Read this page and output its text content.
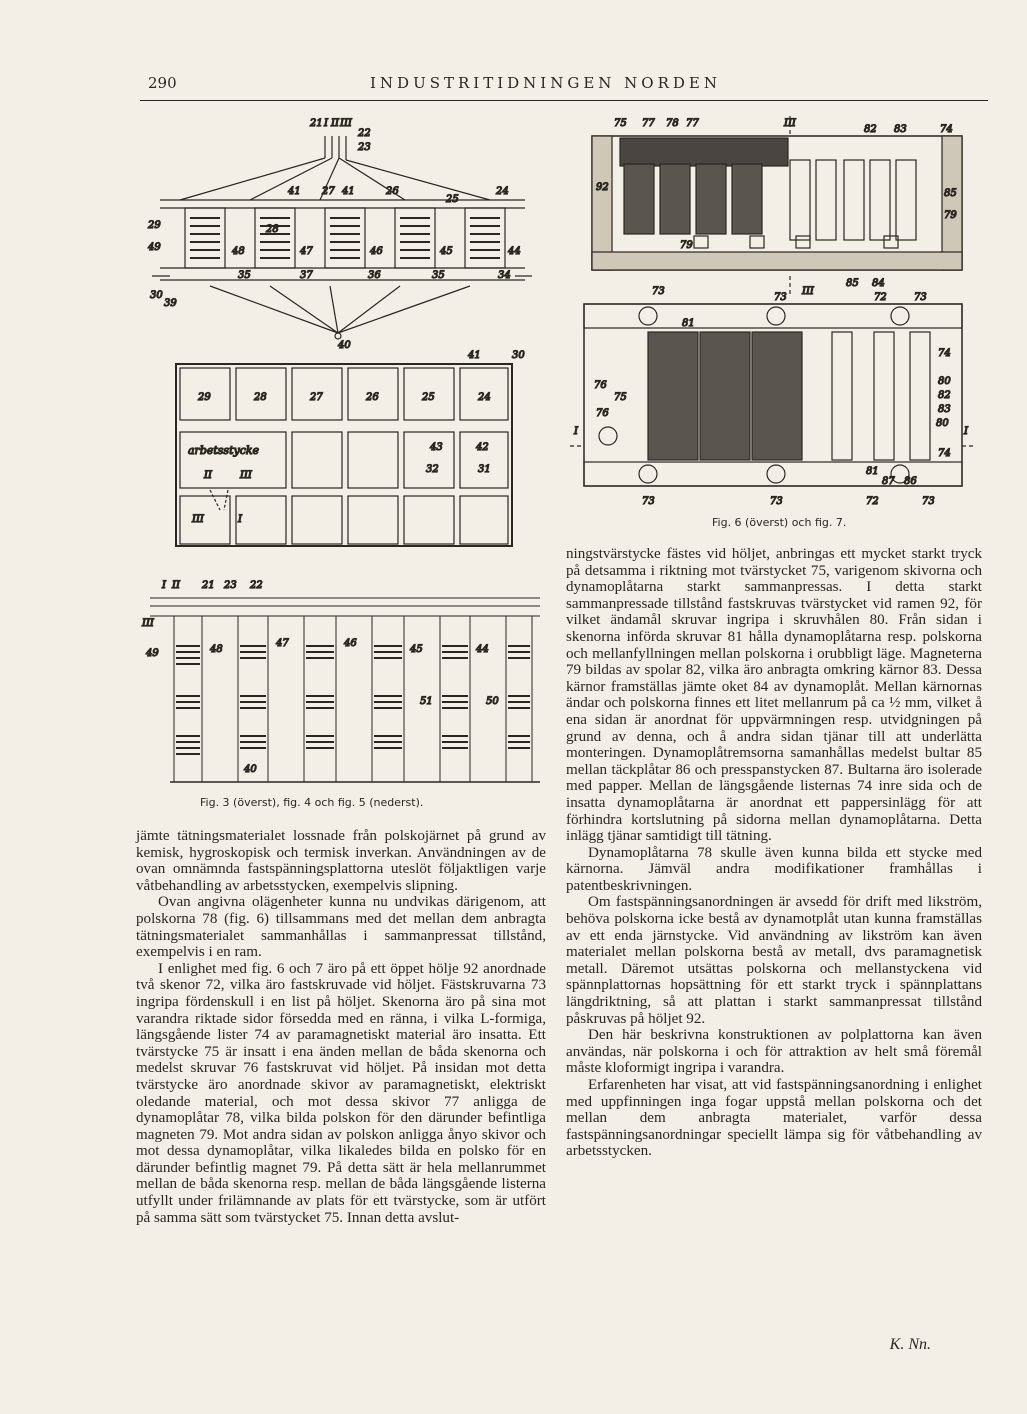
290	INDUSTRITIDNINGEN NORDEN
21 I II III
22
23
41 27 41	26
25
24
29	28
49	48	47	46	45	44
35	37	36	35	34
30
39
40
29	28	27	26	25	24
41	30
43	42
32	31
arbetsstycke
II	III
III	I
I II 21 23 22
III
49	48
47	46
45	44
51	50
40
Fig. 3 (överst), fig. 4 och fig. 5 (nederst).
75 77 78 77	III
82 83	74
92
85
79
79
85 84
III
73
73	72	73
81
74
76
75
76
80
82
83
80
74
I	I
81
87 86
73	73	72	73
Fig. 6 (överst) och fig. 7.

jämte tätningsmaterialet lossnade från polskojärnet på grund av kemisk, hygroskopisk och termisk inverkan. Användningen av de ovan omnämnda fastspänningsplattorna uteslöt följaktligen varje våtbehandling av arbetsstycken, exempelvis slipning.

Ovan angivna olägenheter kunna nu undvikas därigenom, att polskorna 78 (fig. 6) tillsammans med det mellan dem anbragta tätningsmaterialet sammanhållas i sammanpressat tillstånd, exempelvis i en ram.

I enlighet med fig. 6 och 7 äro på ett öppet hölje 92 anordnade två skenor 72, vilka äro fastskruvade vid höljet. Fästskruvarna 73 ingripa fördenskull i en list på höljet. Skenorna äro på sina mot varandra riktade sidor försedda med en ränna, i vilka L-formiga, längsgående lister 74 av paramagnetiskt material äro insatta. Ett tvärstycke 75 är insatt i ena änden mellan de båda skenorna och medelst skruvar 76 fastskruvat vid höljet. På insidan mot detta tvärstycke äro anordnade skivor av paramagnetiskt, elektriskt oledande material, och mot dessa skivor 77 anligga de dynamoplåtar 78, vilka bilda polskon för den därunder befintliga magneten 79. Mot andra sidan av polskon anligga ånyo skivor och mot dessa dynamoplåtar, vilka likaledes bilda en polsko för en därunder befintlig magnet 79. På detta sätt är hela mellanrummet mellan de båda skenorna resp. mellan de båda längsgående listerna utfyllt under frilämnande av plats för ett tvärstycke, som är utfört på samma sätt som tvärstycket 75. Innan detta avslut-

ningstvärstycke fästes vid höljet, anbringas ett mycket starkt tryck på detsamma i riktning mot tvärstycket 75, varigenom skivorna och dynamoplåtarna starkt sammanpressas. I detta starkt sammanpressade tillstånd fastskruvas tvärstycket vid ramen 92, för vilket ändamål skruvar ingripa i skruvhålen 80. Från sidan i skenorna införda skruvar 81 hålla dynamoplåtarna resp. polskorna och mellanfyllningen mellan polskorna i orubbligt läge. Magneterna 79 bildas av spolar 82, vilka äro anbragta omkring kärnor 83. Dessa kärnor framställas jämte oket 84 av dynamoplåt. Mellan kärnornas ändar och polskorna finnes ett litet mellanrum på ca ½ mm, vilket å ena sidan är anordnat för uppvärmningen resp. utvidgningen på grund av denna, och å andra sidan tjänar till att underlätta monteringen. Dynamoplåtremsorna samanhållas medelst bultar 85 mellan täckplåtar 86 och presspanstycken 87. Bultarna äro isolerade med papper. Mellan de längsgående listernas 74 inre sida och de insatta dynamoplåtarna är anordnat ett pappersinlägg för att förhindra kortslutning på sidorna mellan dynamoplåtarna. Detta inlägg tjänar samtidigt till tätning.

Dynamoplåtarna 78 skulle även kunna bilda ett stycke med kärnorna. Jämväl andra modifikationer framhållas i patentbeskrivningen.

Om fastspänningsanordningen är avsedd för drift med likström, behöva polskorna icke bestå av dynamotplåt utan kunna framställas av ett enda järnstycke. Vid användning av likström kan även materialet mellan polskorna bestå av metall, dvs paramagnetisk metall. Däremot utsättas polskorna och mellanstyckena vid spännplattornas hopsättning för ett starkt tryck i spännplattans längdriktning, så att plattan i starkt sammanpressat tillstånd påskruvas på höljet 92.

Den här beskrivna konstruktionen av polplattorna kan även användas, när polskorna i och för attraktion av helt små föremål måste kloformigt ingripa i varandra.

Erfarenheten har visat, att vid fastspänningsanordning i enlighet med uppfinningen inga fogar uppstå mellan polskorna och det mellan dem anbragta materialet, varför dessa fastspänningsanordningar speciellt lämpa sig för våtbehandling av arbetsstycken.

K. Nn.
